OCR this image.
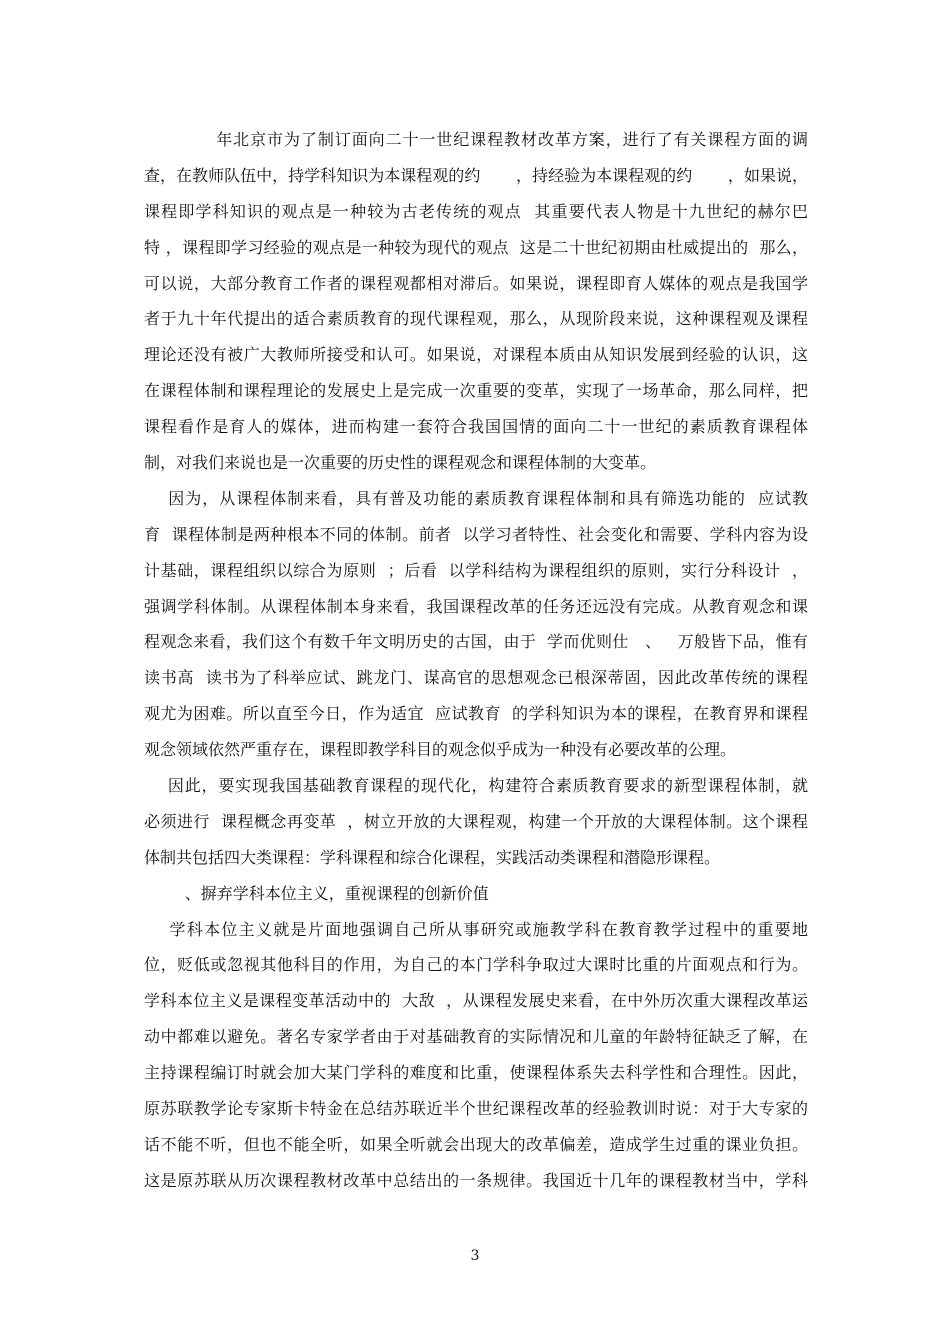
年北京市为了制订面向二十一世纪课程教材改革方案，进行了有关课程方面的调
查，在教师队伍中，持学科知识为本课程观的约       ，持经验为本课程观的约       ，如果说，
课程即学科知识的观点是一种较为古老传统的观点  其重要代表人物是十九世纪的赫尔巴
特 ，课程即学习经验的观点是一种较为现代的观点  这是二十世纪初期由杜威提出的  那么，
可以说，大部分教育工作者的课程观都相对滞后。如果说，课程即育人媒体的观点是我国学
者于九十年代提出的适合素质教育的现代课程观，那么，从现阶段来说，这种课程观及课程
理论还没有被广大教师所接受和认可。如果说，对课程本质由从知识发展到经验的认识，这
在课程体制和课程理论的发展史上是完成一次重要的变革，实现了一场革命，那么同样，把
课程看作是育人的媒体，进而构建一套符合我国国情的面向二十一世纪的素质教育课程体
制，对我们来说也是一次重要的历史性的课程观念和课程体制的大变革。
因为，从课程体制来看，具有普及功能的素质教育课程体制和具有筛选功能的  应试教
育  课程体制是两种根本不同的体制。前者  以学习者特性、社会变化和需要、学科内容为设
计基础，课程组织以综合为原则  ；后看  以学科结构为课程组织的原则，实行分科设计  ，
强调学科体制。从课程体制本身来看，我国课程改革的任务还远没有完成。从教育观念和课
程观念来看，我们这个有数千年文明历史的古国，由于  学而优则仕   、   万般皆下品，惟有
读书高  读书为了科举应试、跳龙门、谋高官的思想观念已根深蒂固，因此改革传统的课程
观尤为困难。所以直至今日，作为适宜  应试教育  的学科知识为本的课程，在教育界和课程
观念领域依然严重存在，课程即教学科目的观念似乎成为一种没有必要改革的公理。
因此，要实现我国基础教育课程的现代化，构建符合素质教育要求的新型课程体制，就
必须进行  课程概念再变革  ，树立开放的大课程观，构建一个开放的大课程体制。这个课程
体制共包括四大类课程：学科课程和综合化课程，实践活动类课程和潜隐形课程。
、摒弃学科本位主义，重视课程的创新价值
学科本位主义就是片面地强调自己所从事研究或施教学科在教育教学过程中的重要地
位，贬低或忽视其他科目的作用，为自己的本门学科争取过大课时比重的片面观点和行为。
学科本位主义是课程变革活动中的  大敌  ，从课程发展史来看，在中外历次重大课程改革运
动中都难以避免。著名专家学者由于对基础教育的实际情况和儿童的年龄特征缺乏了解，在
主持课程编订时就会加大某门学科的难度和比重，使课程体系失去科学性和合理性。因此，
原苏联教学论专家斯卡特金在总结苏联近半个世纪课程改革的经验教训时说：对于大专家的
话不能不听，但也不能全听，如果全听就会出现大的改革偏差，造成学生过重的课业负担。
这是原苏联从历次课程教材改革中总结出的一条规律。我国近十几年的课程教材当中，学科
3
